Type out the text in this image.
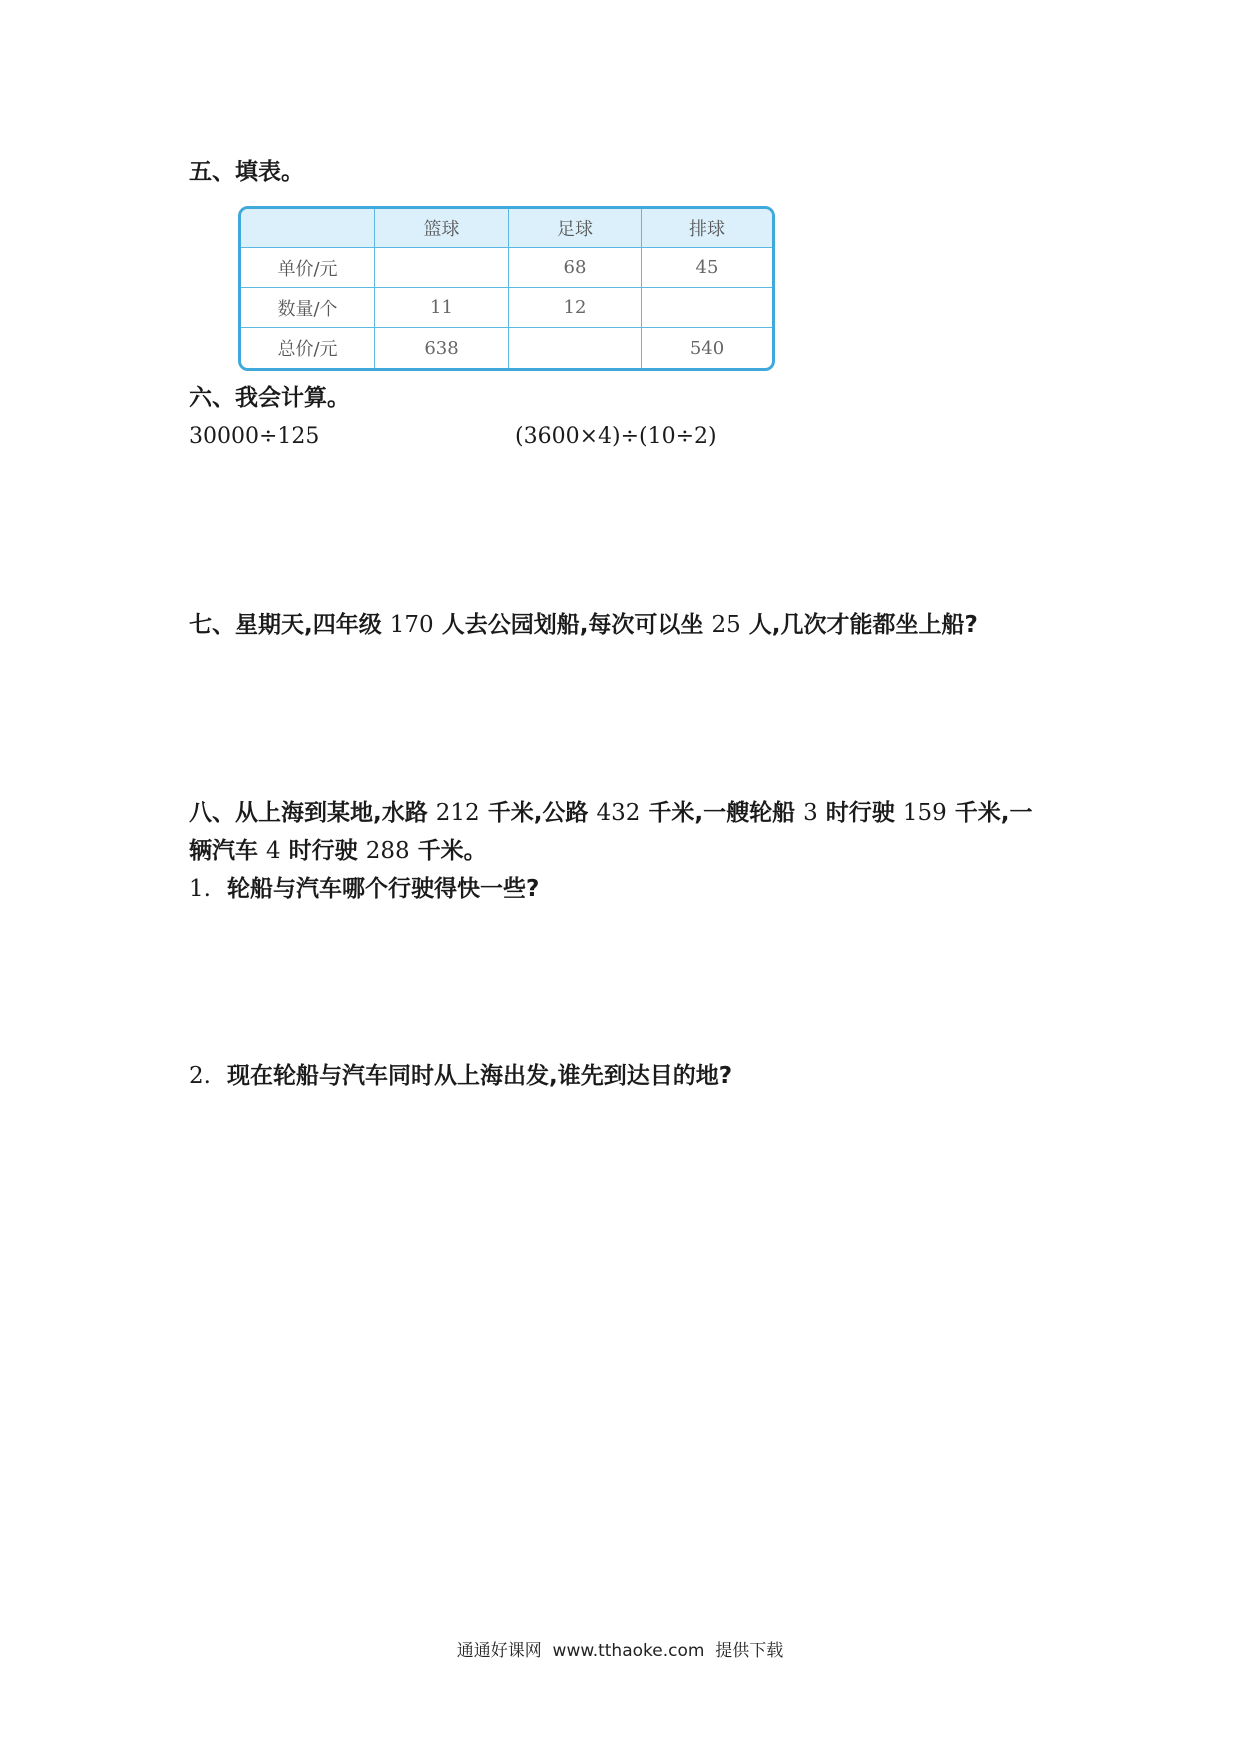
五、填表。
	篮球	足球	排球
单价/元		68	45
数量/个	11	12	
总价/元	638		540
六、我会计算。
30000÷125	(3600×4)÷(10÷2)
七、星期天,四年级 170 人去公园划船,每次可以坐 25 人,几次才能都坐上船?
八、从上海到某地,水路 212 千米,公路 432 千米,一艘轮船 3 时行驶 159 千米,一
辆汽车 4 时行驶 288 千米。
1. 轮船与汽车哪个行驶得快一些?
2. 现在轮船与汽车同时从上海出发,谁先到达目的地?
通通好课网  www.tthaoke.com  提供下载
